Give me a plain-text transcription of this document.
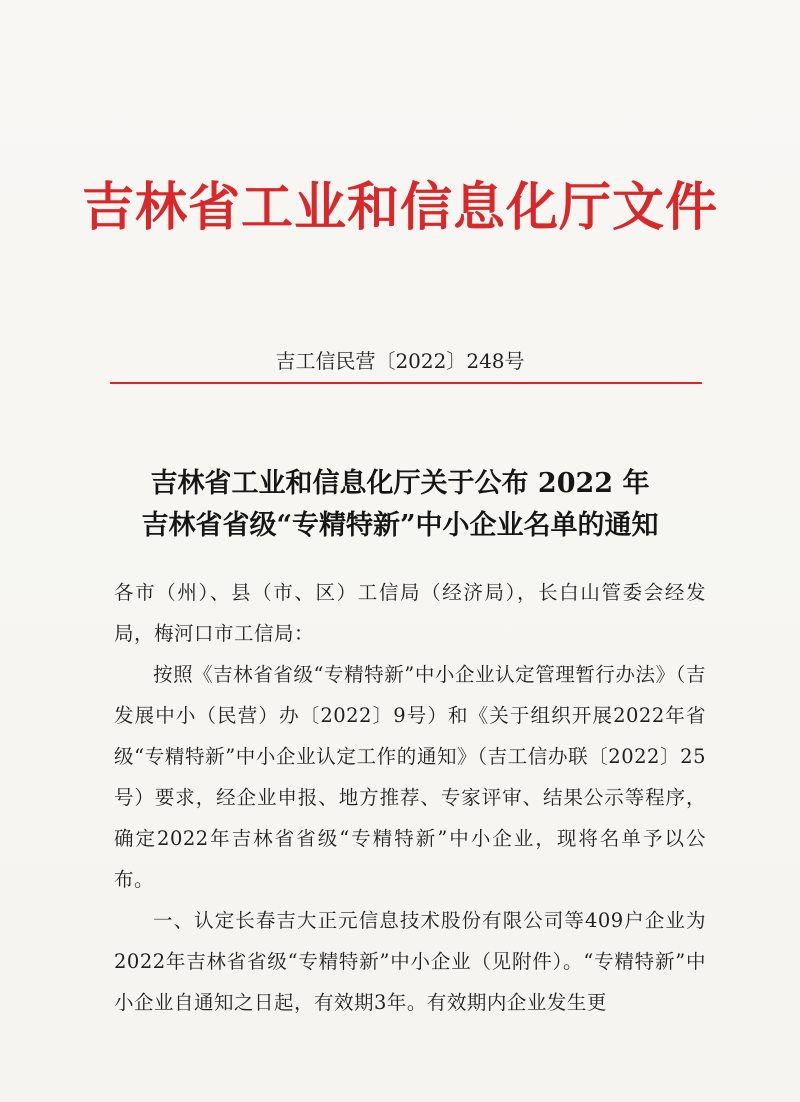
吉林省工业和信息化厅文件
吉工信民营〔2022〕248号
吉林省工业和信息化厅关于公布 2022 年
吉林省省级“专精特新”中小企业名单的通知

各市（州）、县（市、区）工信局（经济局），长白山管委会经发局，梅河口市工信局：

按照《吉林省省级“专精特新”中小企业认定管理暂行办法》（吉发展中小（民营）办〔2022〕9号）和《关于组织开展2022年省级“专精特新”中小企业认定工作的通知》（吉工信办联〔2022〕25号）要求，经企业申报、地方推荐、专家评审、结果公示等程序，确定2022年吉林省省级“专精特新”中小企业，现将名单予以公布。

一、认定长春吉大正元信息技术股份有限公司等409户企业为2022年吉林省省级“专精特新”中小企业（见附件）。“专精特新”中小企业自通知之日起，有效期3年。有效期内企业发生更
